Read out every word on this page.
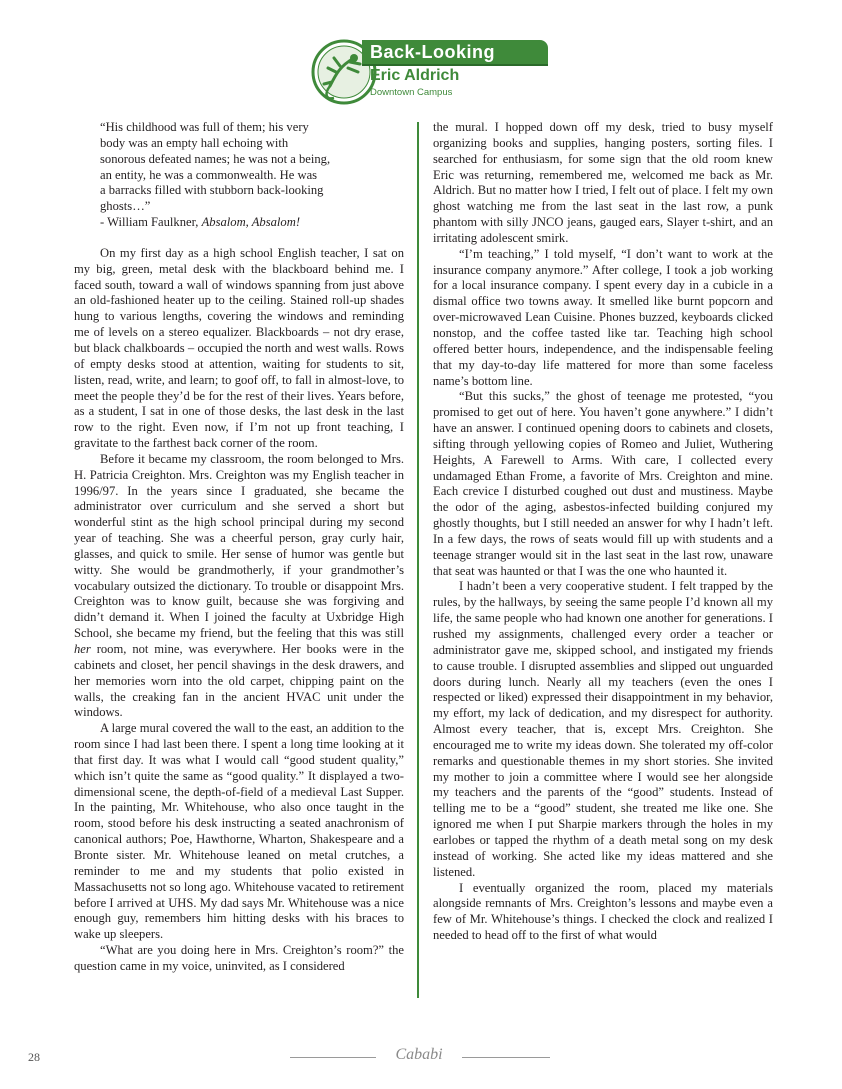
Back-Looking
Eric Aldrich
Downtown Campus
“His childhood was full of them; his very
body was an empty hall echoing with
sonorous defeated names; he was not a being,
an entity, he was a commonwealth. He was
a barracks filled with stubborn back-looking
ghosts…”
- William Faulkner, Absalom, Absalom!

On my first day as a high school English teacher, I sat on my big, green, metal desk with the blackboard behind me. I faced south, toward a wall of windows spanning from just above an old-fashioned heater up to the ceiling. Stained roll-up shades hung to various lengths, covering the windows and reminding me of levels on a stereo equalizer. Blackboards – not dry erase, but black chalkboards – occupied the north and west walls. Rows of empty desks stood at attention, waiting for students to sit, listen, read, write, and learn; to goof off, to fall in almost-love, to meet the people they’d be for the rest of their lives. Years before, as a student, I sat in one of those desks, the last desk in the last row to the right. Even now, if I’m not up front teaching, I gravitate to the farthest back corner of the room.

Before it became my classroom, the room belonged to Mrs. H. Patricia Creighton. Mrs. Creighton was my English teacher in 1996/97. In the years since I graduated, she became the administrator over curriculum and she served a short but wonderful stint as the high school principal during my second year of teaching. She was a cheerful person, gray curly hair, glasses, and quick to smile. Her sense of humor was gentle but witty. She would be grandmotherly, if your grandmother’s vocabulary outsized the dictionary. To trouble or disappoint Mrs. Creighton was to know guilt, because she was forgiving and didn’t demand it. When I joined the faculty at Uxbridge High School, she became my friend, but the feeling that this was still her room, not mine, was everywhere. Her books were in the cabinets and closet, her pencil shavings in the desk drawers, and her memories worn into the old carpet, chipping paint on the walls, the creaking fan in the ancient HVAC unit under the windows.

A large mural covered the wall to the east, an addition to the room since I had last been there. I spent a long time looking at it that first day. It was what I would call “good student quality,” which isn’t quite the same as “good quality.” It displayed a two-dimensional scene, the depth-of-field of a medieval Last Supper. In the painting, Mr. Whitehouse, who also once taught in the room, stood before his desk instructing a seated anachronism of canonical authors; Poe, Hawthorne, Wharton, Shakespeare and a Bronte sister. Mr. Whitehouse leaned on metal crutches, a reminder to me and my students that polio existed in Massachusetts not so long ago. Whitehouse vacated to retirement before I arrived at UHS. My dad says Mr. Whitehouse was a nice enough guy, remembers him hitting desks with his braces to wake up sleepers.

“What are you doing here in Mrs. Creighton’s room?” the question came in my voice, uninvited, as I considered

the mural. I hopped down off my desk, tried to busy myself organizing books and supplies, hanging posters, sorting files. I searched for enthusiasm, for some sign that the old room knew Eric was returning, remembered me, welcomed me back as Mr. Aldrich. But no matter how I tried, I felt out of place. I felt my own ghost watching me from the last seat in the last row, a punk phantom with silly JNCO jeans, gauged ears, Slayer t-shirt, and an irritating adolescent smirk.

“I’m teaching,” I told myself, “I don’t want to work at the insurance company anymore.” After college, I took a job working for a local insurance company. I spent every day in a cubicle in a dismal office two towns away. It smelled like burnt popcorn and over-microwaved Lean Cuisine. Phones buzzed, keyboards clicked nonstop, and the coffee tasted like tar. Teaching high school offered better hours, independence, and the indispensable feeling that my day-to-day life mattered for more than some faceless name’s bottom line.

“But this sucks,” the ghost of teenage me protested, “you promised to get out of here. You haven’t gone anywhere.” I didn’t have an answer. I continued opening doors to cabinets and closets, sifting through yellowing copies of Romeo and Juliet, Wuthering Heights, A Farewell to Arms. With care, I collected every undamaged Ethan Frome, a favorite of Mrs. Creighton and mine. Each crevice I disturbed coughed out dust and mustiness. Maybe the odor of the aging, asbestos-infected building conjured my ghostly thoughts, but I still needed an answer for why I hadn’t left. In a few days, the rows of seats would fill up with students and a teenage stranger would sit in the last seat in the last row, unaware that seat was haunted or that I was the one who haunted it.

I hadn’t been a very cooperative student. I felt trapped by the rules, by the hallways, by seeing the same people I’d known all my life, the same people who had known one another for generations. I rushed my assignments, challenged every order a teacher or administrator gave me, skipped school, and instigated my friends to cause trouble. I disrupted assemblies and slipped out unguarded doors during lunch. Nearly all my teachers (even the ones I respected or liked) expressed their disappointment in my behavior, my effort, my lack of dedication, and my disrespect for authority. Almost every teacher, that is, except Mrs. Creighton. She encouraged me to write my ideas down. She tolerated my off-color remarks and questionable themes in my short stories. She invited my mother to join a committee where I would see her alongside my teachers and the parents of the “good” students. Instead of telling me to be a “good” student, she treated me like one. She ignored me when I put Sharpie markers through the holes in my earlobes or tapped the rhythm of a death metal song on my desk instead of working. She acted like my ideas mattered and she listened.

I eventually organized the room, placed my materials alongside remnants of Mrs. Creighton’s lessons and maybe even a few of Mr. Whitehouse’s things. I checked the clock and realized I needed to head off to the first of what would

28	Cababi
